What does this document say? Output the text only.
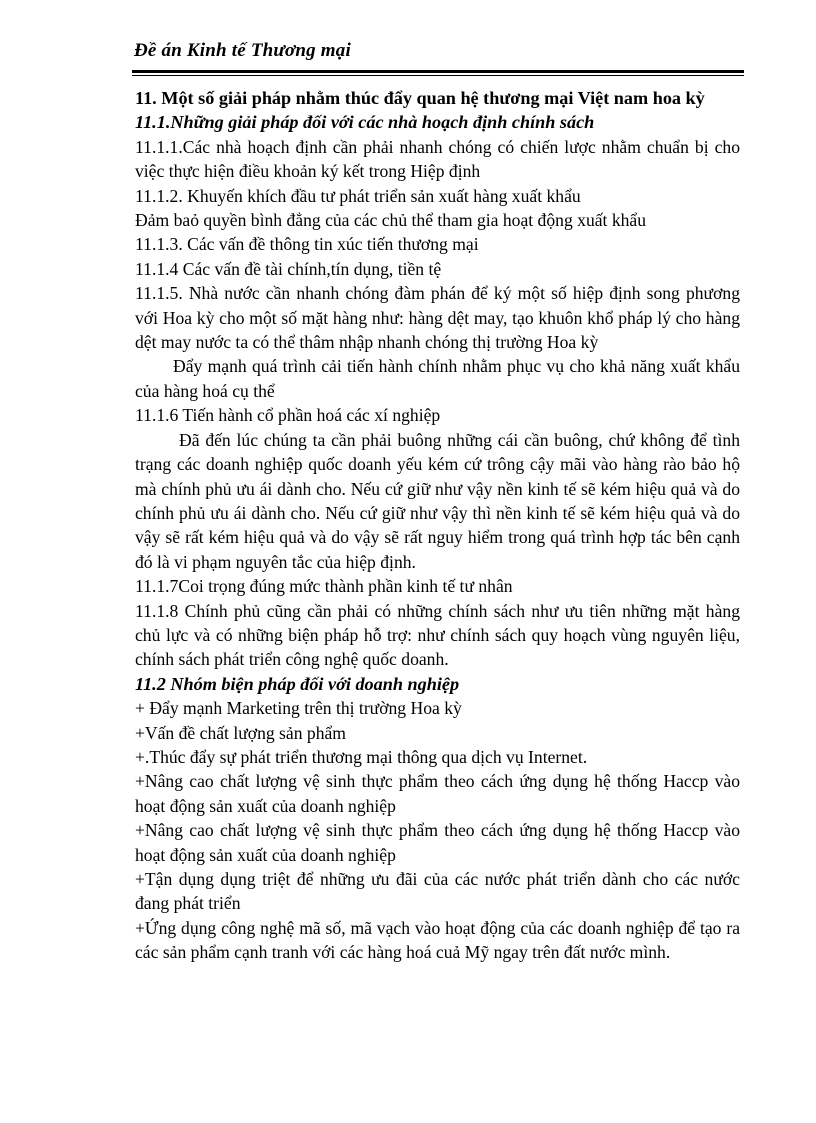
Đề án Kinh tế Thương mại

11. Một số giải pháp nhằm thúc đẩy quan hệ thương mại Việt nam hoa kỳ

11.1.Những giải pháp đối với các nhà hoạch định chính sách

11.1.1.Các nhà hoạch định cần phải nhanh chóng có chiến lược nhằm chuẩn bị cho việc thực hiện điều khoản ký kết trong Hiệp định

11.1.2. Khuyến khích đầu tư phát triển sản xuất hàng xuất khẩu

Đảm baỏ quyền bình đẳng của các chủ thể tham gia hoạt động xuất khẩu

11.1.3. Các vấn đề thông tin xúc tiến thương mại

11.1.4 Các vấn đề tài chính,tín dụng, tiền tệ

11.1.5. Nhà nước cần nhanh chóng đàm phán để ký một số hiệp định song phương với Hoa kỳ cho một số mặt hàng như: hàng dệt may, tạo khuôn khổ pháp lý cho hàng dệt may nước ta có thể thâm nhập nhanh chóng thị trường Hoa kỳ

Đẩy mạnh quá trình cải tiến hành chính nhằm phục vụ cho khả năng xuất khẩu của hàng hoá cụ thể

11.1.6 Tiến hành cổ phần hoá các xí nghiệp

Đã đến lúc chúng ta cần phải buông những cái cần buông, chứ không để tình trạng các doanh nghiệp quốc doanh yếu kém cứ trông cậy mãi vào hàng rào bảo hộ mà chính phủ ưu ái dành cho. Nếu cứ giữ như vậy nền kinh tế sẽ kém hiệu quả và do chính phủ ưu ái dành cho. Nếu cứ giữ như vậy thì nền kinh tế sẽ kém hiệu quả và do vậy sẽ rất kém hiệu quả và do vậy sẽ rất nguy hiểm trong quá trình hợp tác bên cạnh đó là vi phạm nguyên tắc của hiệp định.

11.1.7Coi trọng đúng mức thành phần kinh tế tư nhân

11.1.8 Chính phủ cũng cần phải có những chính sách như ưu tiên những mặt hàng chủ lực và có những biện pháp hỗ trợ: như chính sách quy hoạch vùng nguyên liệu, chính sách phát triển công nghệ quốc doanh.

11.2 Nhóm biện pháp đối với doanh nghiệp

+ Đẩy mạnh Marketing trên thị trường Hoa kỳ

+Vấn đề chất lượng sản phẩm

+.Thúc đẩy sự phát triển thương mại thông qua dịch vụ Internet.

+Nâng cao chất lượng vệ sinh thực phẩm theo cách ứng dụng hệ thống Haccp vào hoạt động sản xuất của doanh nghiệp

+Nâng cao chất lượng vệ sinh thực phẩm theo cách ứng dụng hệ thống Haccp vào hoạt động sản xuất của doanh nghiệp

+Tận dụng dụng triệt để những ưu đãi của các nước phát triển dành cho các nước đang phát triển

+Ứng dụng công nghệ mã số, mã vạch vào hoạt động của các doanh nghiệp để tạo ra các sản phẩm cạnh tranh với các hàng hoá cuả Mỹ ngay trên đất nước mình.
